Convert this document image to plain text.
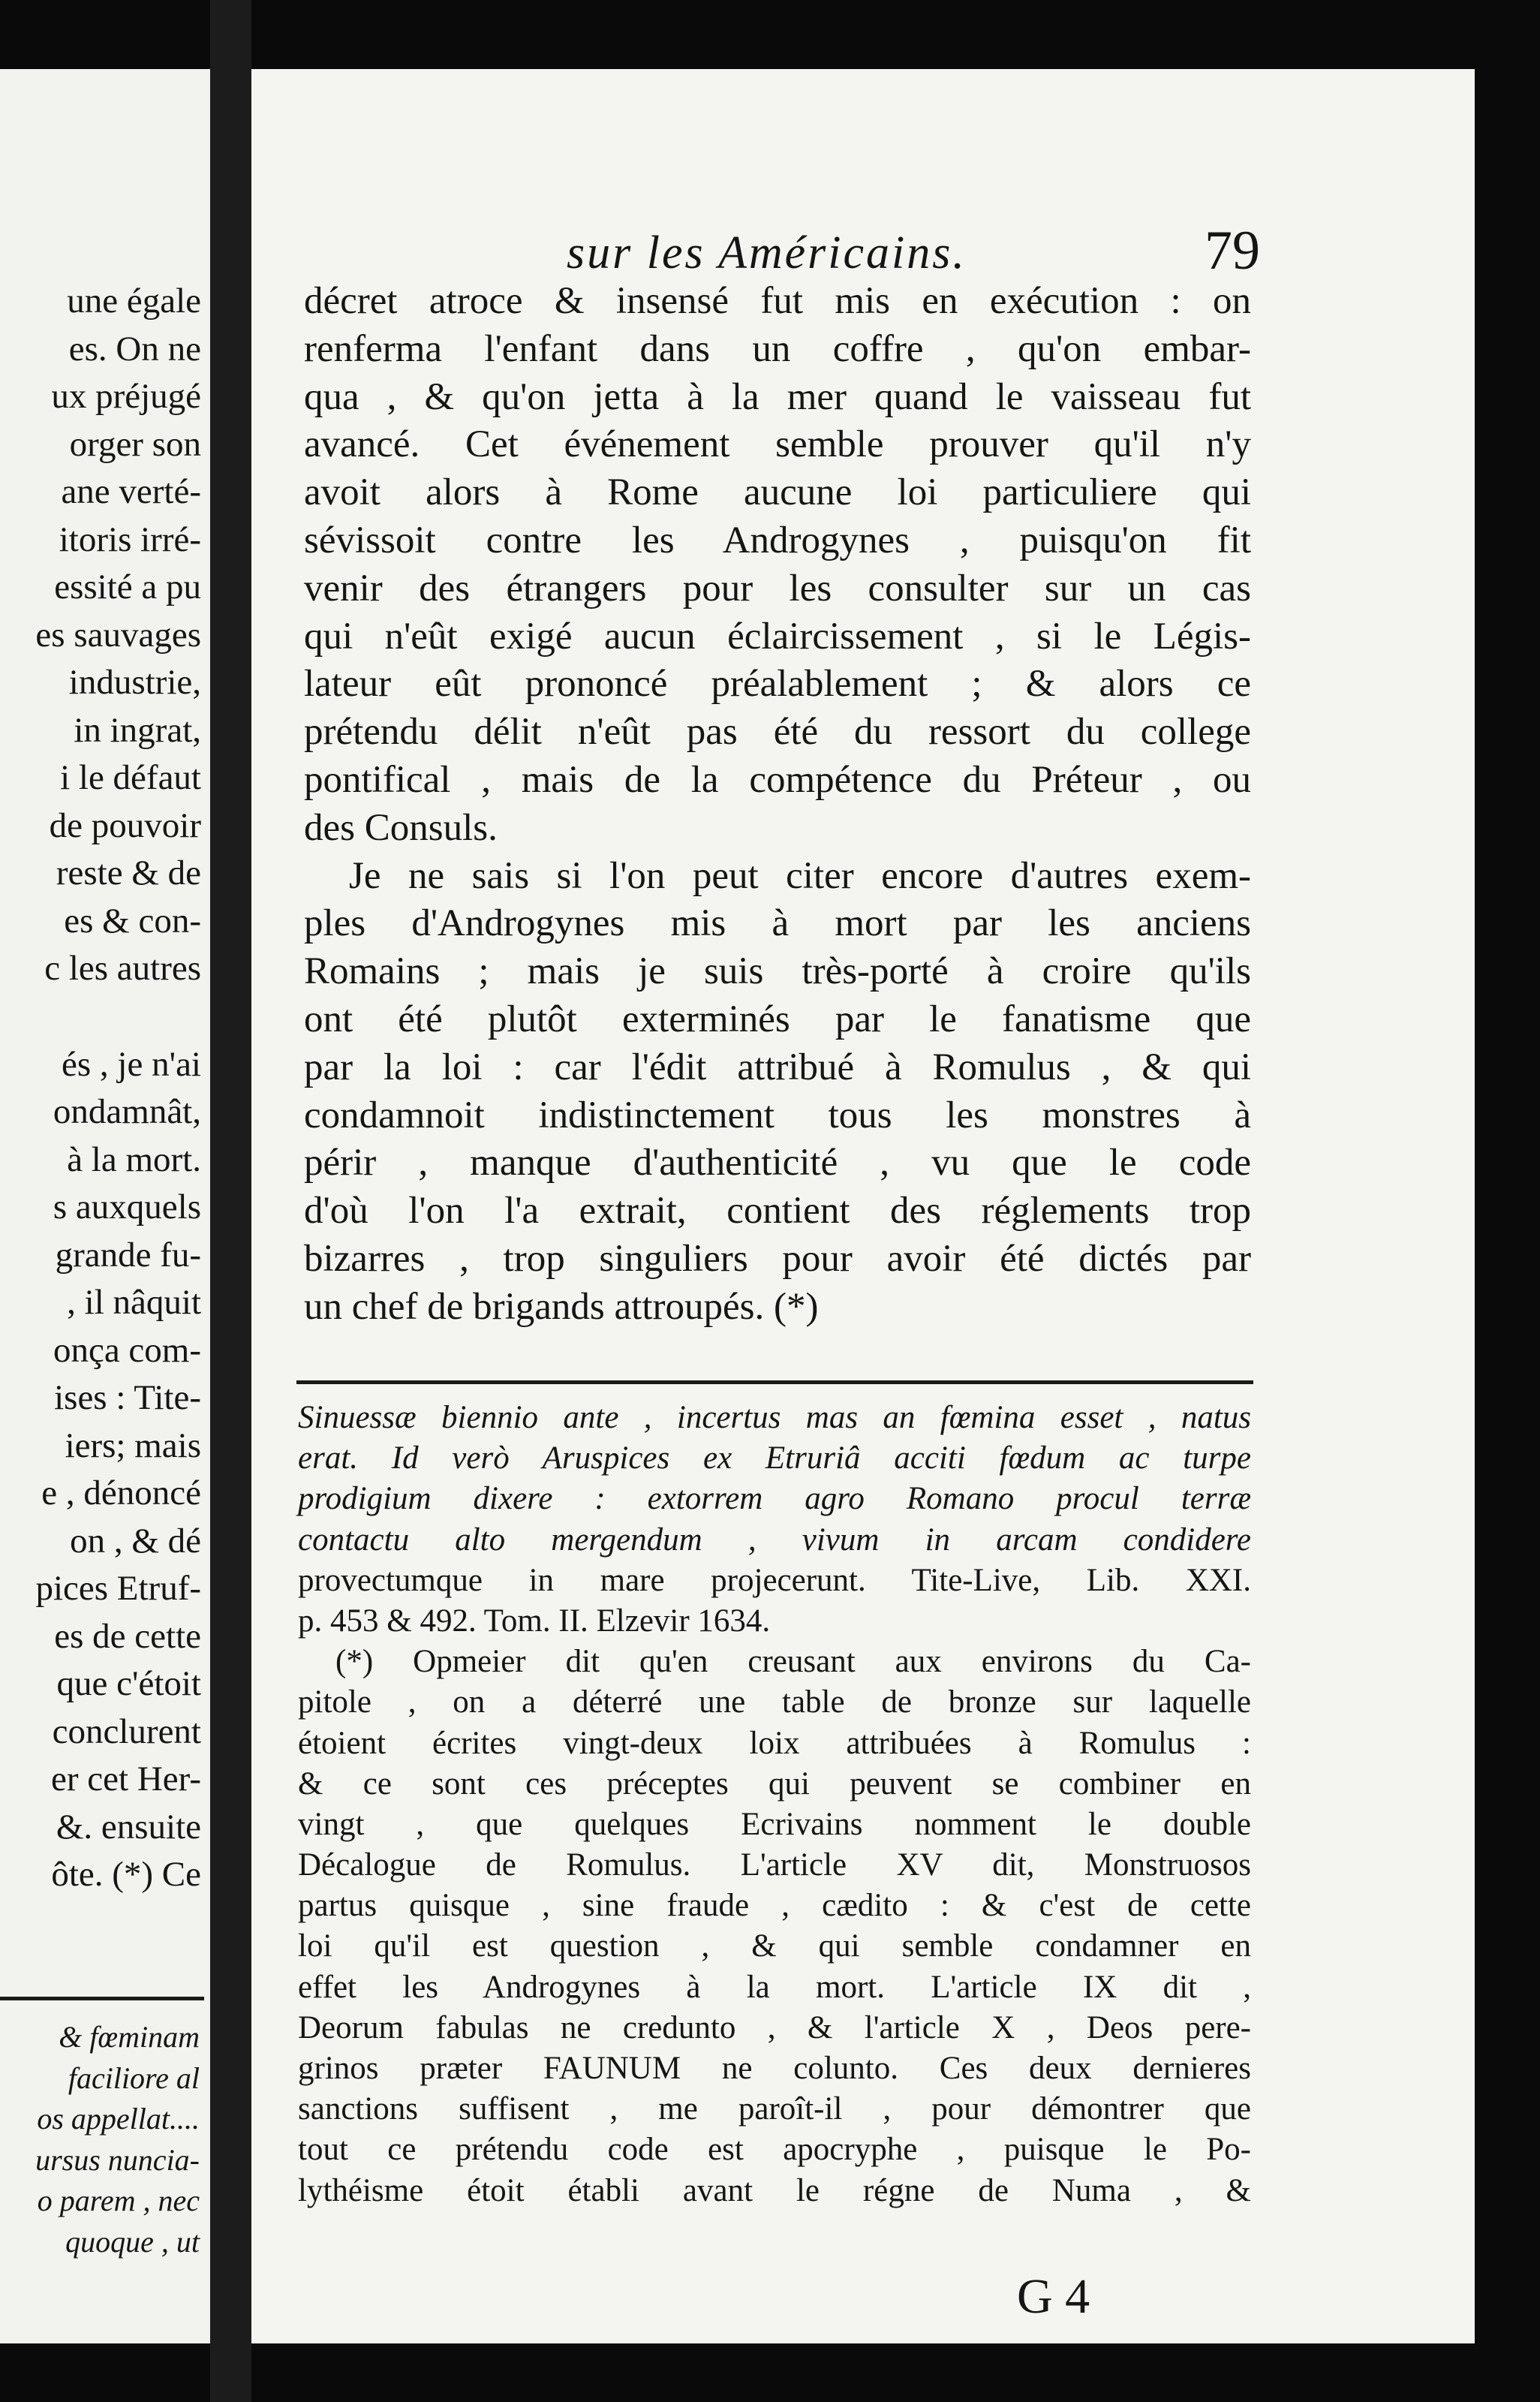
une égale
es. On ne
ux préjugé
orger son
ane verté-
itoris irré-
essité a pu
es sauvages
industrie,
in ingrat,
i le défaut
de pouvoir
reste & de
es & con-
c les autres
és , je n'ai
ondamnât,
à la mort.
s auxquels
grande fu-
, il nâquit
onça com-
ises : Tite-
iers; mais
e , dénoncé
on , & dé
pices Etruf-
es de cette
que c'étoit
conclurent
er cet Her-
&. ensuite
ôte. (*) Ce
& fœminam
faciliore al
os appellat....
ursus nuncia-
o parem , nec
quoque , ut
sur les Américains.	79
décret atroce & insensé fut mis en exécution : on
renferma l'enfant dans un coffre , qu'on embar-
qua , & qu'on jetta à la mer quand le vaisseau fut
avancé. Cet événement semble prouver qu'il n'y
avoit alors à Rome aucune loi particuliere qui
sévissoit contre les Androgynes , puisqu'on fit
venir des étrangers pour les consulter sur un cas
qui n'eût exigé aucun éclaircissement , si le Légis-
lateur eût prononcé préalablement ; & alors ce
prétendu délit n'eût pas été du ressort du college
pontifical , mais de la compétence du Préteur , ou
des Consuls.
Je ne sais si l'on peut citer encore d'autres exem-
ples d'Androgynes mis à mort par les anciens
Romains ; mais je suis très-porté à croire qu'ils
ont été plutôt exterminés par le fanatisme que
par la loi : car l'édit attribué à Romulus , & qui
condamnoit indistinctement tous les monstres à
périr , manque d'authenticité , vu que le code
d'où l'on l'a extrait, contient des réglements trop
bizarres , trop singuliers pour avoir été dictés par
un chef de brigands attroupés. (*)
Sinuessæ biennio ante , incertus mas an fœmina esset , natus
erat. Id verò Aruspices ex Etruriâ acciti fœdum ac turpe
prodigium dixere : extorrem agro Romano procul terræ
contactu alto mergendum , vivum in arcam condidere
provectumque in mare projecerunt. Tite-Live, Lib. XXI.
p. 453 & 492. Tom. II. Elzevir 1634.
(*) Opmeier dit qu'en creusant aux environs du Ca-
pitole , on a déterré une table de bronze sur laquelle
étoient écrites vingt-deux loix attribuées à Romulus :
& ce sont ces préceptes qui peuvent se combiner en
vingt , que quelques Ecrivains nomment le double
Décalogue de Romulus. L'article XV dit, Monstruosos
partus quisque , sine fraude , cædito : & c'est de cette
loi qu'il est question , & qui semble condamner en
effet les Androgynes à la mort. L'article IX dit ,
Deorum fabulas ne credunto , & l'article X , Deos pere-
grinos præter FAUNUM ne colunto. Ces deux dernieres
sanctions suffisent , me paroît-il , pour démontrer que
tout ce prétendu code est apocryphe , puisque le Po-
lythéisme étoit établi avant le régne de Numa , &
G 4
